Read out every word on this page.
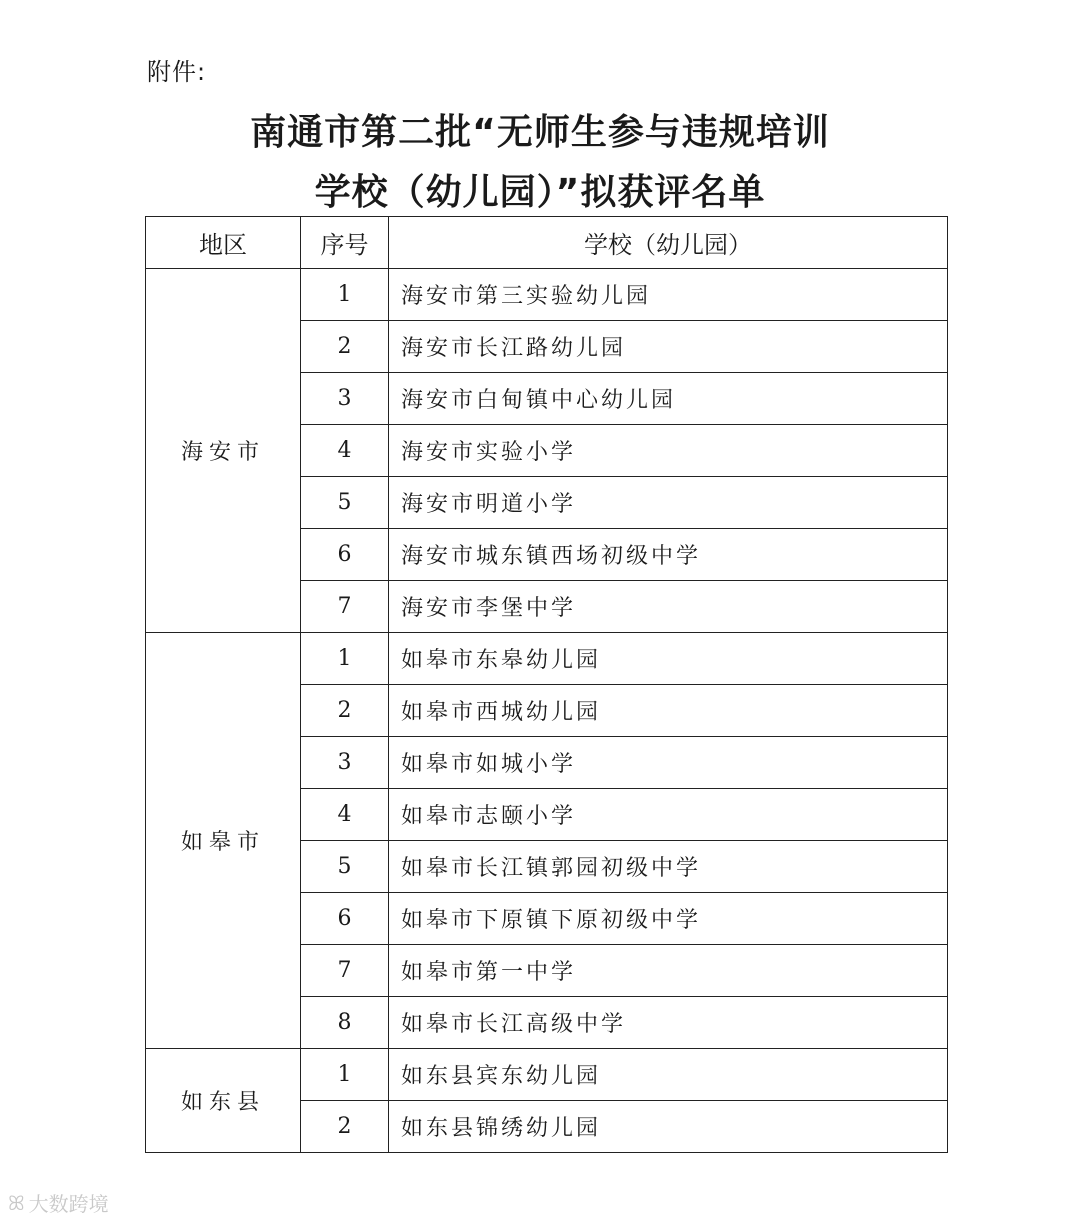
附件:
南通市第二批“无师生参与违规培训
学校（幼儿园）”拟获评名单
地区	序号	学校（幼儿园）
海安市	1	海安市第三实验幼儿园
	2	海安市长江路幼儿园
	3	海安市白甸镇中心幼儿园
	4	海安市实验小学
	5	海安市明道小学
	6	海安市城东镇西场初级中学
	7	海安市李堡中学
如皋市	1	如皋市东皋幼儿园
	2	如皋市西城幼儿园
	3	如皋市如城小学
	4	如皋市志颐小学
	5	如皋市长江镇郭园初级中学
	6	如皋市下原镇下原初级中学
	7	如皋市第一中学
	8	如皋市长江高级中学
如东县	1	如东县宾东幼儿园
	2	如东县锦绣幼儿园
ꕤ 大数跨境
